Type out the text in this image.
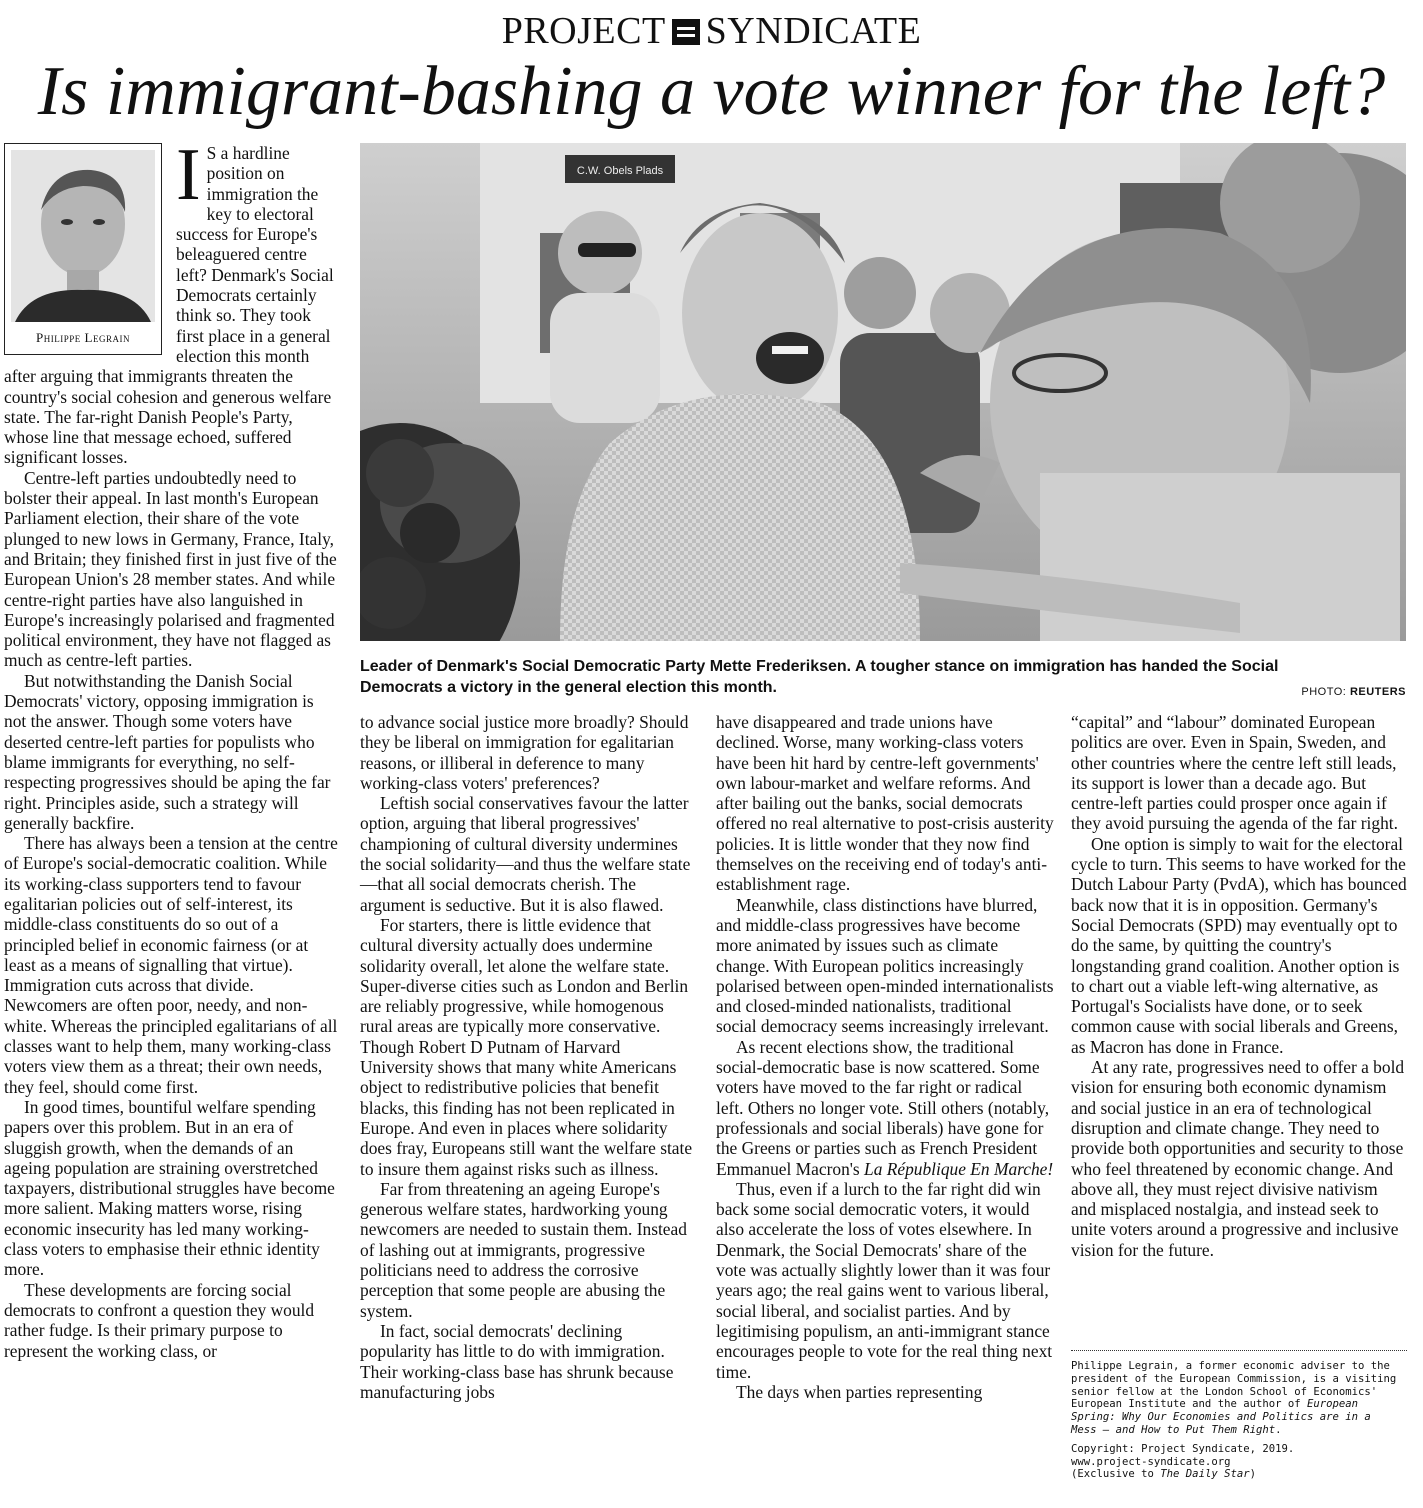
PROJECT SYNDICATE
Is immigrant-bashing a vote winner for the left?
C.W. Obels Plads
Leader of Denmark's Social Democratic Party Mette Frederiksen. A tougher stance on immigration has handed the Social Democrats a victory in the general election this month.	PHOTO: REUTERS
Philippe Legrain

I S a hardline position on immigration the key to electoral success for Europe's beleaguered centre left? Denmark's Social Democrats certainly think so. They took first place in a general election this month after arguing that immigrants threaten the country's social cohesion and generous welfare state. The far-right Danish People's Party, whose line that message echoed, suffered significant losses.

Centre-left parties undoubtedly need to bolster their appeal. In last month's European Parliament election, their share of the vote plunged to new lows in Germany, France, Italy, and Britain; they finished first in just five of the European Union's 28 member states. And while centre-right parties have also languished in Europe's increasingly polarised and fragmented political environment, they have not flagged as much as centre-left parties.

But notwithstanding the Danish Social Democrats' victory, opposing immigration is not the answer. Though some voters have deserted centre-left parties for populists who blame immigrants for everything, no self-respecting progressives should be aping the far right. Principles aside, such a strategy will generally backfire.

There has always been a tension at the centre of Europe's social-democratic coalition. While its working-class supporters tend to favour egalitarian policies out of self-interest, its middle-class constituents do so out of a principled belief in economic fairness (or at least as a means of signalling that virtue). Immigration cuts across that divide. Newcomers are often poor, needy, and non-white. Whereas the principled egalitarians of all classes want to help them, many working-class voters view them as a threat; their own needs, they feel, should come first.

In good times, bountiful welfare spending papers over this problem. But in an era of sluggish growth, when the demands of an ageing population are straining overstretched taxpayers, distributional struggles have become more salient. Making matters worse, rising economic insecurity has led many working-class voters to emphasise their ethnic identity more.

These developments are forcing social democrats to confront a question they would rather fudge. Is their primary purpose to represent the working class, or

to advance social justice more broadly? Should they be liberal on immigration for egalitarian reasons, or illiberal in deference to many working-class voters' preferences?

Leftish social conservatives favour the latter option, arguing that liberal progressives' championing of cultural diversity undermines the social solidarity—and thus the welfare state—that all social democrats cherish. The argument is seductive. But it is also flawed.

For starters, there is little evidence that cultural diversity actually does undermine solidarity overall, let alone the welfare state. Super-diverse cities such as London and Berlin are reliably progressive, while homogenous rural areas are typically more conservative. Though Robert D Putnam of Harvard University shows that many white Americans object to redistributive policies that benefit blacks, this finding has not been replicated in Europe. And even in places where solidarity does fray, Europeans still want the welfare state to insure them against risks such as illness.

Far from threatening an ageing Europe's generous welfare states, hardworking young newcomers are needed to sustain them. Instead of lashing out at immigrants, progressive politicians need to address the corrosive perception that some people are abusing the system.

In fact, social democrats' declining popularity has little to do with immigration. Their working-class base has shrunk because manufacturing jobs

have disappeared and trade unions have declined. Worse, many working-class voters have been hit hard by centre-left governments' own labour-market and welfare reforms. And after bailing out the banks, social democrats offered no real alternative to post-crisis austerity policies. It is little wonder that they now find themselves on the receiving end of today's anti-establishment rage.

Meanwhile, class distinctions have blurred, and middle-class progressives have become more animated by issues such as climate change. With European politics increasingly polarised between open-minded internationalists and closed-minded nationalists, traditional social democracy seems increasingly irrelevant.

As recent elections show, the traditional social-democratic base is now scattered. Some voters have moved to the far right or radical left. Others no longer vote. Still others (notably, professionals and social liberals) have gone for the Greens or parties such as French President Emmanuel Macron's La République En Marche!

Thus, even if a lurch to the far right did win back some social democratic voters, it would also accelerate the loss of votes elsewhere. In Denmark, the Social Democrats' share of the vote was actually slightly lower than it was four years ago; the real gains went to various liberal, social liberal, and socialist parties. And by legitimising populism, an anti-immigrant stance encourages people to vote for the real thing next time.

The days when parties representing

“capital” and “labour” dominated European politics are over. Even in Spain, Sweden, and other countries where the centre left still leads, its support is lower than a decade ago. But centre-left parties could prosper once again if they avoid pursuing the agenda of the far right.

One option is simply to wait for the electoral cycle to turn. This seems to have worked for the Dutch Labour Party (PvdA), which has bounced back now that it is in opposition. Germany's Social Democrats (SPD) may eventually opt to do the same, by quitting the country's longstanding grand coalition. Another option is to chart out a viable left-wing alternative, as Portugal's Socialists have done, or to seek common cause with social liberals and Greens, as Macron has done in France.

At any rate, progressives need to offer a bold vision for ensuring both economic dynamism and social justice in an era of technological disruption and climate change. They need to provide both opportunities and security to those who feel threatened by economic change. And above all, they must reject divisive nativism and misplaced nostalgia, and instead seek to unite voters around a progressive and inclusive vision for the future.

Philippe Legrain, a former economic adviser to the president of the European Commission, is a visiting senior fellow at the London School of Economics' European Institute and the author of European Spring: Why Our Economies and Politics are in a Mess – and How to Put Them Right.

Copyright: Project Syndicate, 2019.
www.project-syndicate.org
(Exclusive to The Daily Star)
